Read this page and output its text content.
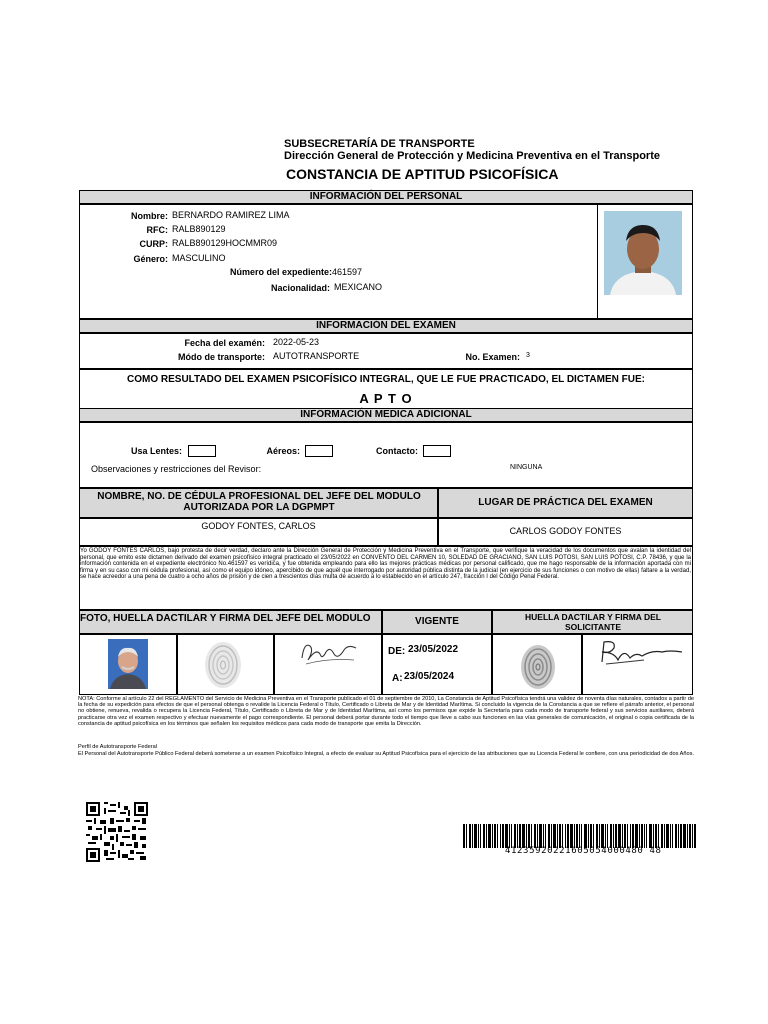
SUBSECRETARÍA DE TRANSPORTE
Dirección General de Protección y Medicina Preventiva en el Transporte
CONSTANCIA DE APTITUD PSICOFÍSICA
INFORMACIÓN DEL PERSONAL
Nombre: BERNARDO RAMIREZ LIMA
RFC: RALB890129
CURP: RALB890129HOCMMR09
Género: MASCULINO
Número del expediente: 461597
Nacionalidad: MEXICANO
INFORMACIÓN DEL EXAMEN
Fecha del examén: 2022-05-23
Módo de transporte: AUTOTRANSPORTE	No. Examen: 3
COMO RESULTADO DEL EXAMEN PSICOFÍSICO INTEGRAL, QUE LE FUE PRACTICADO, EL DICTAMEN FUE:
A P T O
INFORMACIÓN MEDICA ADICIONAL
Usa Lentes:	Aéreos:	Contacto:
Observaciones y restricciones del Revisor:	NINGUNA
NOMBRE, NO. DE CÉDULA PROFESIONAL DEL JEFE DEL MODULO AUTORIZADA POR LA DGPMPT	LUGAR DE PRÁCTICA DEL EXAMEN
GODOY FONTES, CARLOS	CARLOS GODOY FONTES
Yo GODOY FONTES CARLOS, bajo protesta de decir verdad, declaro ante la Dirección General de Protección y Medicina Preventiva en el Transporte, que verifique la veracidad de los documentos que avalan la identidad del personal, que emito este dictamen derivado del examen psicofísico integral practicado el 23/05/2022 en CONVENTO DEL CARMEN 10, SOLEDAD DE GRACIANO, SAN LUIS POTOSI, SAN LUIS POTOSI, C.P. 78436, y que la información contenida en el expediente electrónico No.461597 es verídica, y fue obtenida empleando para ello las mejores prácticas médicas por personal calificado, que me hago responsable de la información aportada con mi firma y en su caso con mi cédula profesional, así como el equipo idóneo, apercibido de que aquél que interrogado por autoridad pública distinta de la judicial (en ejercicio de sus funciones o con motivo de ellas) faltare a la verdad, se hace acreedor a una pena de cuatro a ocho años de prisión y de cien a trescientos días multa de acuerdo a lo establecido en el artículo 247, fracción I del Código Penal Federal.
FOTO, HUELLA DACTILAR Y FIRMA DEL JEFE DEL MODULO	VIGENTE	HUELLA DACTILAR Y FIRMA DEL SOLICITANTE
DE: 23/05/2022
A: 23/05/2024
NOTA: Conforme al artículo 22 del REGLAMENTO del Servicio de Medicina Preventiva en el Transporte publicado el 01 de septiembre de 2010, La Constancia de Aptitud Psicofísica tendrá una validez de noventa días naturales, contados a partir de la fecha de su expedición para efectos de que el personal obtenga o revalide la Licencia Federal o Título, Certificado o Libreta de Mar y de Identidad Marítima. Si concluido la vigencia de la Constancia a que se refiere el párrafo anterior, el personal no obtiene, renueva, revalida o recupera la Licencia Federal, Título, Certificado o Libreta de Mar y de Identidad Marítima, así como los permisos que expide la Secretaría para cada modo de transporte federal y sus servicios auxiliares, deberá practicarse otra vez el examen respectivo y efectuar nuevamente el pago correspondiente. El personal deberá portar durante todo el tiempo que lleve a cabo sus funciones en las vías generales de comunicación, el original o copia certificada de la constancia de aptitud psicofísica en los términos que señalen los requisitos médicos para cada modo de transporte que emita la Dirección.
Perfil de Autotransporte Federal
El Personal del Autotransporte Público Federal deberá someterse a un examen Psicofísico Integral, a efecto de evaluar su Aptitud Psicofísica para el ejercicio de las atribuciones que su Licencia Federal le confiere, con una periodicidad de dos Años.
41235920221605054000480 48
